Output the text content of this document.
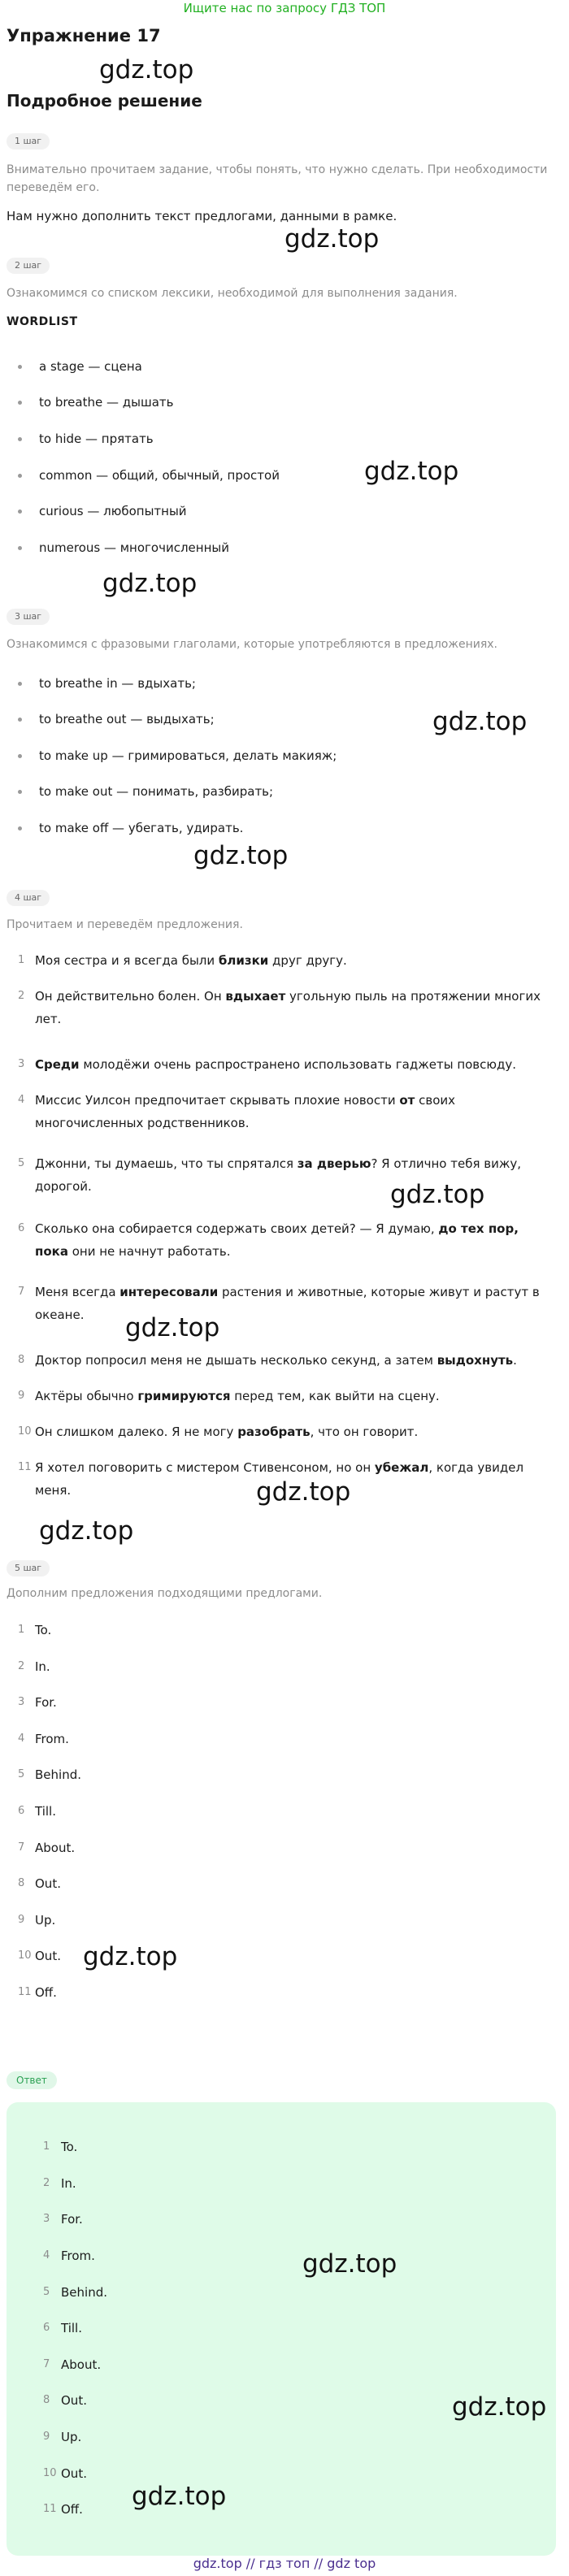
Ищите нас по запросу ГДЗ ТОП
Упражнение 17
gdz.top
Подробное решение
1 шаг
Внимательно прочитаем задание, чтобы понять, что нужно сделать. При необходимости переведём его.
Нам нужно дополнить текст предлогами, данными в рамке.
gdz.top
2 шаг
Ознакомимся со списком лексики, необходимой для выполнения задания.
WORDLIST
a stage — сцена
to breathe — дышать
to hide — прятать
common — общий, обычный, простой	gdz.top
curious — любопытный
numerous — многочисленный
gdz.top
3 шаг
Ознакомимся с фразовыми глаголами, которые употребляются в предложениях.
to breathe in — вдыхать;
gdz.top
to breathe out — выдыхать;
to make up — гримироваться, делать макияж;
to make out — понимать, разбирать;
to make off — убегать, удирать.
gdz.top
4 шаг
Прочитаем и переведём предложения.
1 Моя сестра и я всегда были близки друг другу.
2 Он действительно болен. Он вдыхает угольную пыль на протяжении многих лет.
3 Среди молодёжи очень распространено использовать гаджеты повсюду.
4 Миссис Уилсон предпочитает скрывать плохие новости от своих многочисленных родственников.
5 Джонни, ты думаешь, что ты спрятался за дверью? Я отлично тебя вижу, дорогой.	gdz.top
6 Сколько она собирается содержать своих детей? — Я думаю, до тех пор, пока они не начнут работать.
7 Меня всегда интересовали растения и животные, которые живут и растут в океане.	gdz.top
8 Доктор попросил меня не дышать несколько секунд, а затем выдохнуть.
9 Актёры обычно гримируются перед тем, как выйти на сцену.
10 Он слишком далеко. Я не могу разобрать, что он говорит.
11 Я хотел поговорить с мистером Стивенсоном, но он убежал, когда увидел меня.	gdz.top
gdz.top
5 шаг
Дополним предложения подходящими предлогами.
1 To.
2 In.
3 For.
4 From.
5 Behind.
6 Till.
7 About.
8 Out.
9 Up.
10 Out. gdz.top
11 Off.
Ответ
1 To.
2 In.
3 For.
4 From.
5 Behind.
6 Till.
7 About.
8 Out.
9 Up.
10 Out.
11 Off.
gdz.top
gdz.top
gdz.top
gdz.top // гдз топ // gdz top
